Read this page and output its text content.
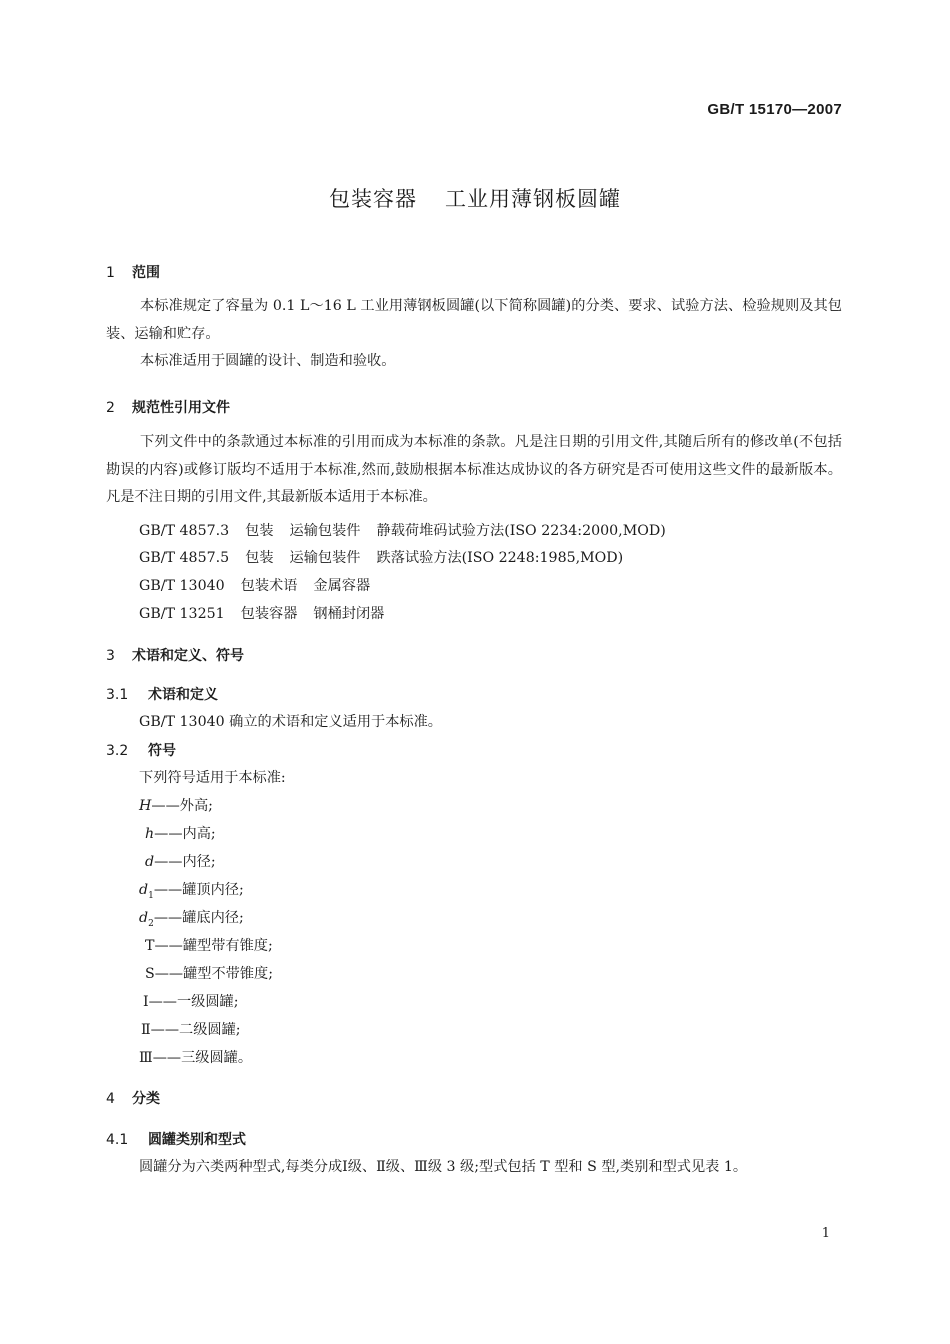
GB/T 15170—2007
包装容器 工业用薄钢板圆罐
1 范围
本标准规定了容量为 0.1 L～16 L 工业用薄钢板圆罐(以下简称圆罐)的分类、要求、试验方法、检验规则及其包装、运输和贮存。
本标准适用于圆罐的设计、制造和验收。
2 规范性引用文件
下列文件中的条款通过本标准的引用而成为本标准的条款。凡是注日期的引用文件,其随后所有的修改单(不包括勘误的内容)或修订版均不适用于本标准,然而,鼓励根据本标准达成协议的各方研究是否可使用这些文件的最新版本。凡是不注日期的引用文件,其最新版本适用于本标准。
GB/T 4857.3 包装 运输包装件 静载荷堆码试验方法(ISO 2234:2000,MOD)
GB/T 4857.5 包装 运输包装件 跌落试验方法(ISO 2248:1985,MOD)
GB/T 13040 包装术语 金属容器
GB/T 13251 包装容器 钢桶封闭器
3 术语和定义、符号
3.1 术语和定义
GB/T 13040 确立的术语和定义适用于本标准。
3.2 符号
下列符号适用于本标准:
H——外高;
h——内高;
d——内径;
$d_1——$罐顶内径;
$d_2——$罐底内径;
T——罐型带有锥度;
S——罐型不带锥度;
Ⅰ——一级圆罐;
Ⅱ——二级圆罐;
Ⅲ——三级圆罐。
4 分类
4.1 圆罐类别和型式
圆罐分为六类两种型式,每类分成Ⅰ级、Ⅱ级、Ⅲ级 3 级;型式包括 T 型和 S 型,类别和型式见表 1。
1
